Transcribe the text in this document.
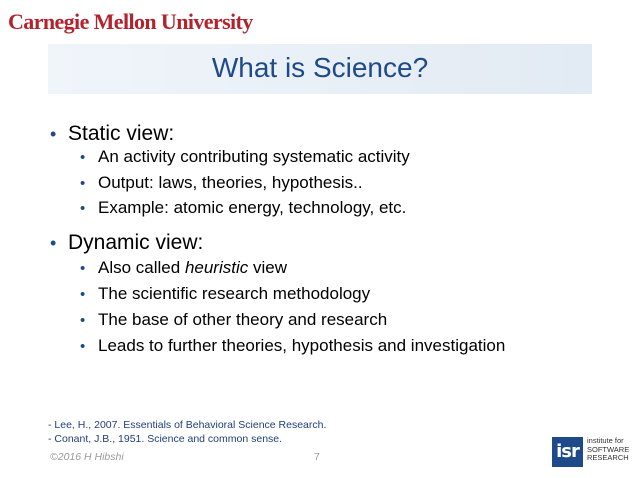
Carnegie Mellon University
What is Science?
• Static view:
• An activity contributing systematic activity
• Output: laws, theories, hypothesis..
• Example: atomic energy, technology, etc.
• Dynamic view:
• Also called heuristic view
• The scientific research methodology
• The base of other theory and research
• Leads to further theories, hypothesis and investigation
- Lee, H., 2007. Essentials of Behavioral Science Research.
- Conant, J.B., 1951. Science and common sense.
©2016 H Hibshi	7	isr
institute for
SOFTWARE
RESEARCH
